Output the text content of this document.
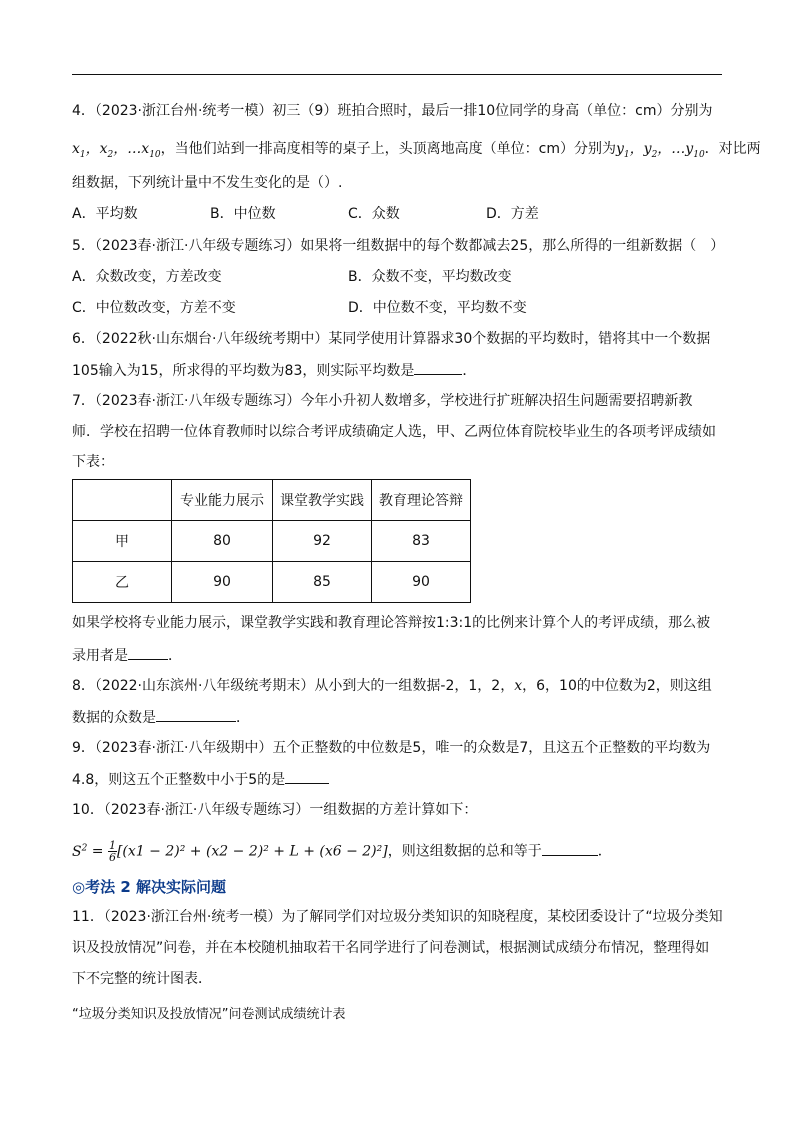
4．（2023·浙江台州·统考一模）初三（9）班拍合照时，最后一排10位同学的身高（单位：cm）分别为
$x_1$，$x_2$，$\dots x_{10}$，当他们站到一排高度相等的桌子上，头顶离地高度（单位：cm）分别为$y_1$，$y_2$，$\dots y_{10}$．对比两
组数据，下列统计量中不发生变化的是（）.
A．平均数	B．中位数	C．众数	D．方差
5．（2023春·浙江·八年级专题练习）如果将一组数据中的每个数都减去25，那么所得的一组新数据（　）
A．众数改变，方差改变	B．众数不变，平均数改变
C．中位数改变，方差不变	D．中位数不变，平均数不变
6．（2022秋·山东烟台·八年级统考期中）某同学使用计算器求30个数据的平均数时，错将其中一个数据
105输入为15，所求得的平均数为83，则实际平均数是	．
7．（2023春·浙江·八年级专题练习）今年小升初人数增多，学校进行扩班解决招生问题需要招聘新教
师．学校在招聘一位体育教师时以综合考评成绩确定人选，甲、乙两位体育院校毕业生的各项考评成绩如
下表：
	专业能力展示	课堂教学实践	教育理论答辩
甲	80	92	83
乙	90	85	90
如果学校将专业能力展示，课堂教学实践和教育理论答辩按1:3:1的比例来计算个人的考评成绩，那么被
录用者是	．
8．（2022·山东滨州·八年级统考期末）从小到大的一组数据-2，1，2，x，6，10的中位数为2，则这组
数据的众数是	．
9．（2023春·浙江·八年级期中）五个正整数的中位数是5，唯一的众数是7，且这五个正整数的平均数为
4.8，则这五个正整数中小于5的是
10．（2023春·浙江·八年级专题练习）一组数据的方差计算如下：
$S^2 = \frac{1}{6} [(x1 - 2)^2 + (x2 - 2)^2 + L + (x6 - 2)^2]$，则这组数据的总和等于	．
◎考法 2 解决实际问题
11．（2023·浙江台州·统考一模）为了解同学们对垃圾分类知识的知晓程度，某校团委设计了“垃圾分类知
识及投放情况”问卷，并在本校随机抽取若干名同学进行了问卷测试，根据测试成绩分布情况，整理得如
下不完整的统计图表．
“垃圾分类知识及投放情况”问卷测试成绩统计表
